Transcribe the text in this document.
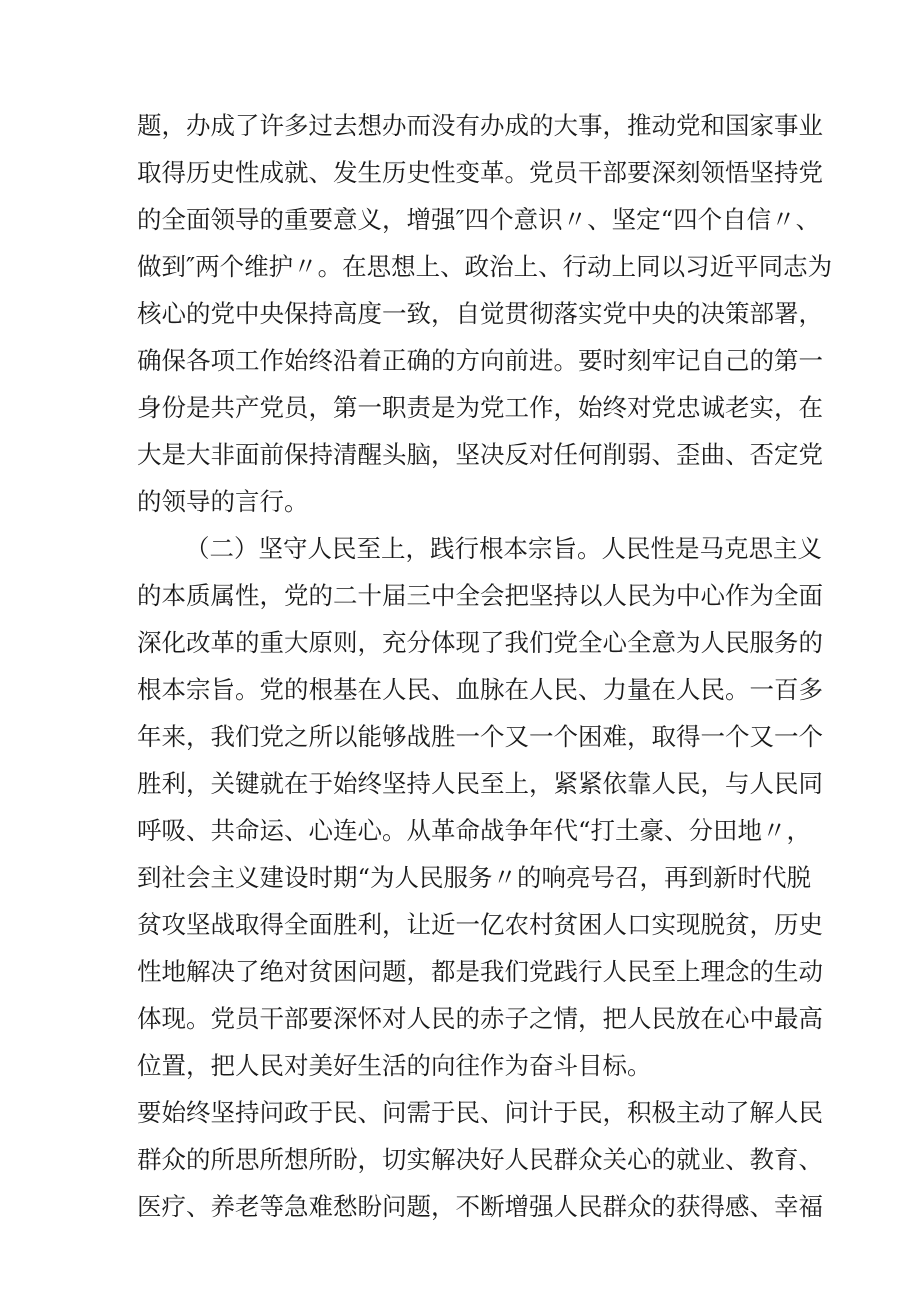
题，办成了许多过去想办而没有办成的大事，推动党和国家事业
取得历史性成就、发生历史性变革。党员干部要深刻领悟坚持党
的全面领导的重要意义，增强″四个意识〃、坚定“四个自信〃、
做到″两个维护〃。在思想上、政治上、行动上同以习近平同志为
核心的党中央保持高度一致，自觉贯彻落实党中央的决策部署，
确保各项工作始终沿着正确的方向前进。要时刻牢记自己的第一
身份是共产党员，第一职责是为党工作，始终对党忠诚老实，在
大是大非面前保持清醒头脑，坚决反对任何削弱、歪曲、否定党
的领导的言行。
（二）坚守人民至上，践行根本宗旨。人民性是马克思主义
的本质属性，党的二十届三中全会把坚持以人民为中心作为全面
深化改革的重大原则，充分体现了我们党全心全意为人民服务的
根本宗旨。党的根基在人民、血脉在人民、力量在人民。一百多
年来，我们党之所以能够战胜一个又一个困难，取得一个又一个
胜利，关键就在于始终坚持人民至上，紧紧依靠人民，与人民同
呼吸、共命运、心连心。从革命战争年代“打土豪、分田地〃，
到社会主义建设时期“为人民服务〃的响亮号召，再到新时代脱
贫攻坚战取得全面胜利，让近一亿农村贫困人口实现脱贫，历史
性地解决了绝对贫困问题，都是我们党践行人民至上理念的生动
体现。党员干部要深怀对人民的赤子之情，把人民放在心中最高
位置，把人民对美好生活的向往作为奋斗目标。
要始终坚持问政于民、问需于民、问计于民，积极主动了解人民
群众的所思所想所盼，切实解决好人民群众关心的就业、教育、
医疗、养老等急难愁盼问题，不断增强人民群众的获得感、幸福
